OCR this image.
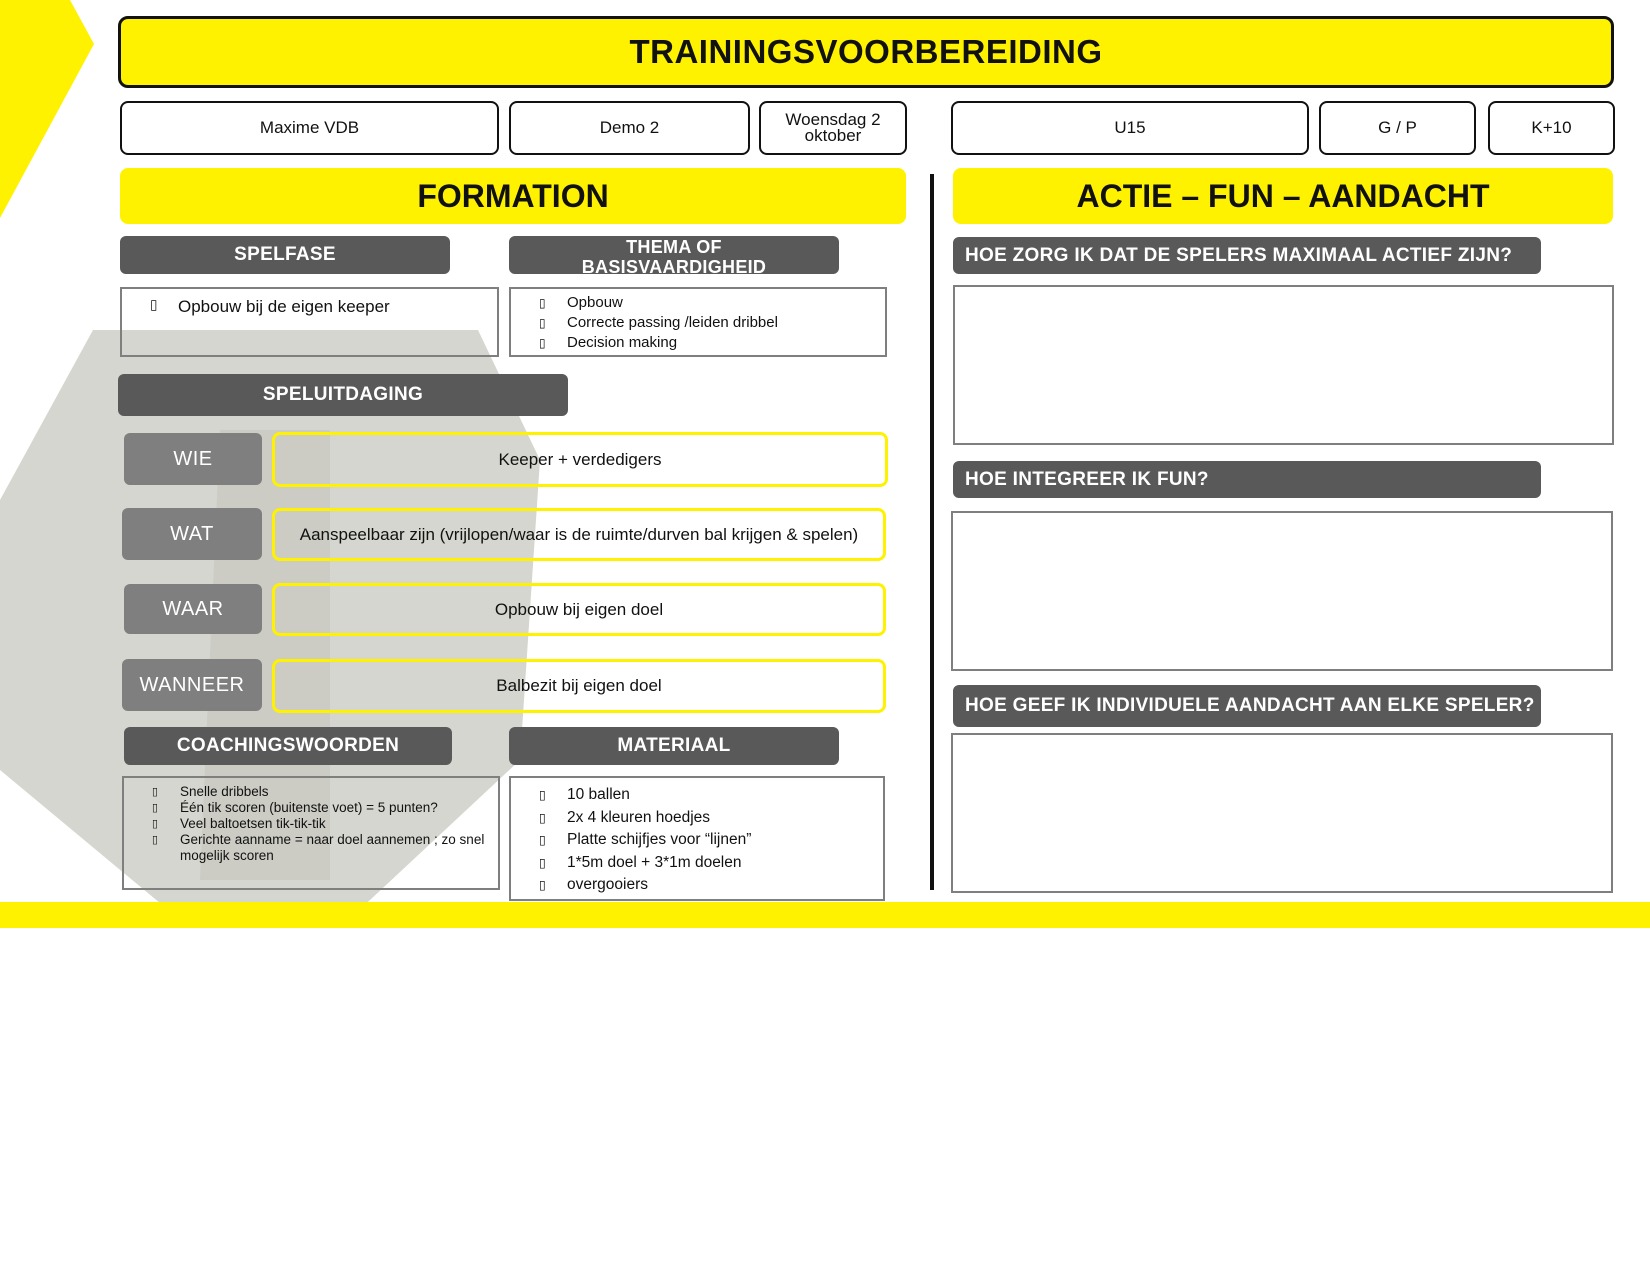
TRAININGSVOORBEREIDING
Maxime VDB	Demo 2	Woensdag 2 oktober	U15	G / P	K+10
FORMATION	ACTIE – FUN – AANDACHT
SPELFASE
▯ Opbouw bij de eigen keeper
THEMA OF BASISVAARDIGHEID
▯ Opbouw
▯ Correcte passing /leiden dribbel
▯ Decision making
SPELUITDAGING
WIE	Keeper + verdedigers
WAT	Aanspeelbaar zijn (vrijlopen/waar is de ruimte/durven bal krijgen & spelen)
WAAR	Opbouw bij eigen doel
WANNEER	Balbezit bij eigen doel
COACHINGSWOORDEN
▯ Snelle dribbels
▯ Één tik scoren (buitenste voet) = 5 punten?
▯ Veel baltoetsen tik-tik-tik
▯ Gerichte aanname = naar doel aannemen ; zo snel mogelijk scoren
MATERIAAL
▯ 10 ballen
▯ 2x 4 kleuren hoedjes
▯ Platte schijfjes voor “lijnen”
▯ 1*5m doel + 3*1m doelen
▯ overgooiers
HOE ZORG IK DAT DE SPELERS MAXIMAAL ACTIEF ZIJN?
HOE INTEGREER IK FUN?
HOE GEEF IK INDIVIDUELE AANDACHT AAN ELKE SPELER?
